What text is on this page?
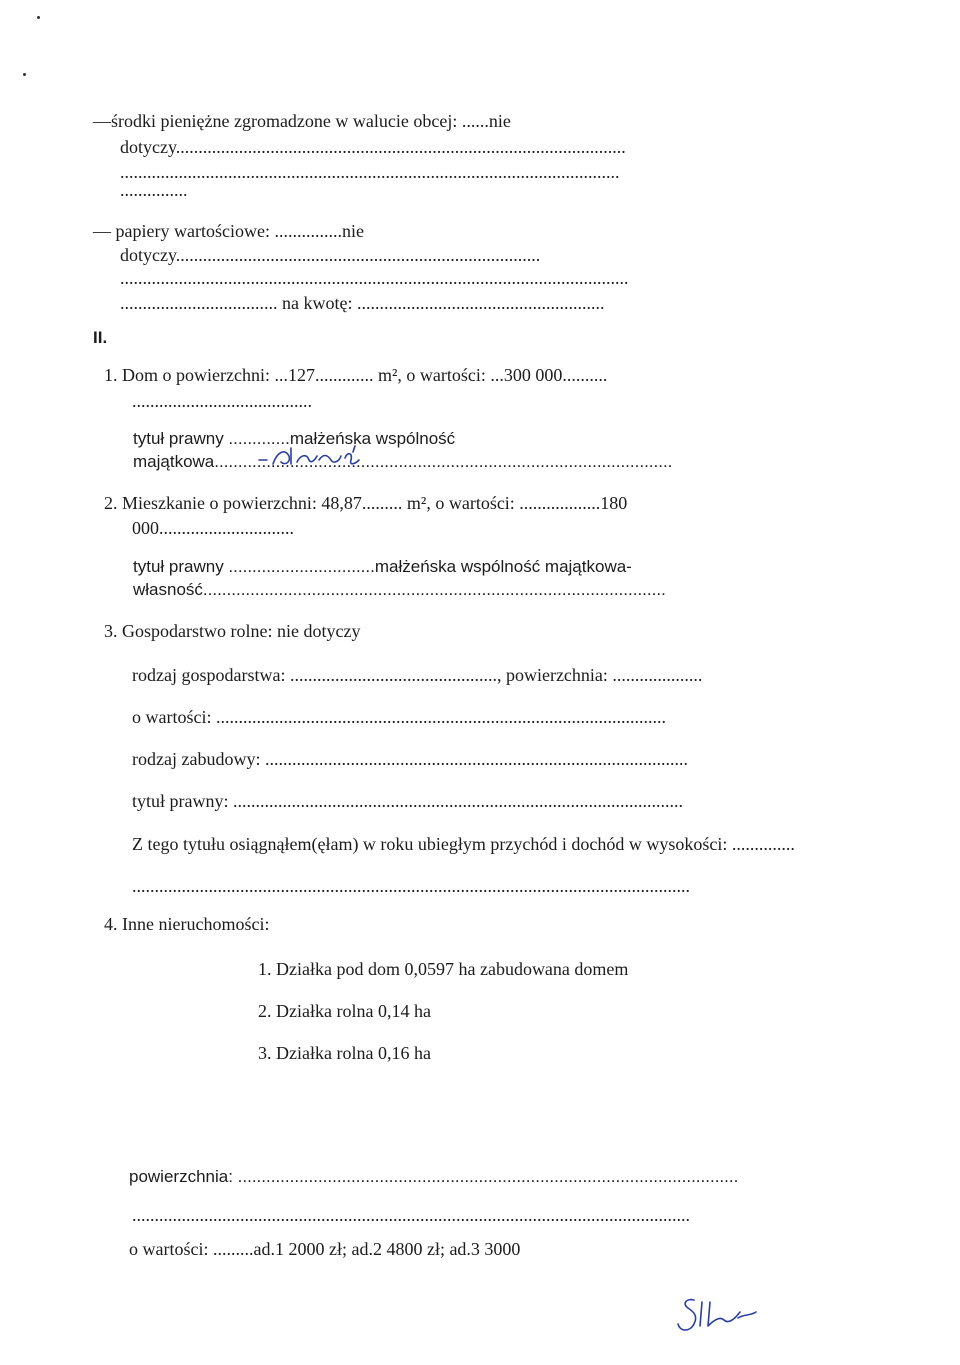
—środki pieniężne zgromadzone w walucie obcej: ......nie
dotyczy....................................................................................................
...............................................................................................................
...............
— papiery wartościowe: ...............nie
dotyczy.................................................................................
.................................................................................................................
................................... na kwotę: .......................................................
II.
1. Dom o powierzchni: ...127............. m², o wartości: ...300 000..........
........................................
tytuł prawny .............małżeńska wspólność
majątkowa.................................................................................................
2. Mieszkanie o powierzchni: 48,87......... m², o wartości: ..................180
000..............................
tytuł prawny ...............................małżeńska wspólność majątkowa-
własność..................................................................................................
3. Gospodarstwo rolne: nie dotyczy
rodzaj gospodarstwa: .............................................., powierzchnia: ....................
o wartości: ....................................................................................................
rodzaj zabudowy: ..............................................................................................
tytuł prawny: ....................................................................................................
Z tego tytułu osiągnąłem(ęłam) w roku ubiegłym przychód i dochód w wysokości: ..............
............................................................................................................................
4. Inne nieruchomości:
1. Działka pod dom 0,0597 ha zabudowana domem
2. Działka rolna 0,14 ha
3. Działka rolna 0,16 ha
powierzchnia: ..........................................................................................................
............................................................................................................................
o wartości: .........ad.1 2000 zł; ad.2 4800 zł; ad.3 3000
